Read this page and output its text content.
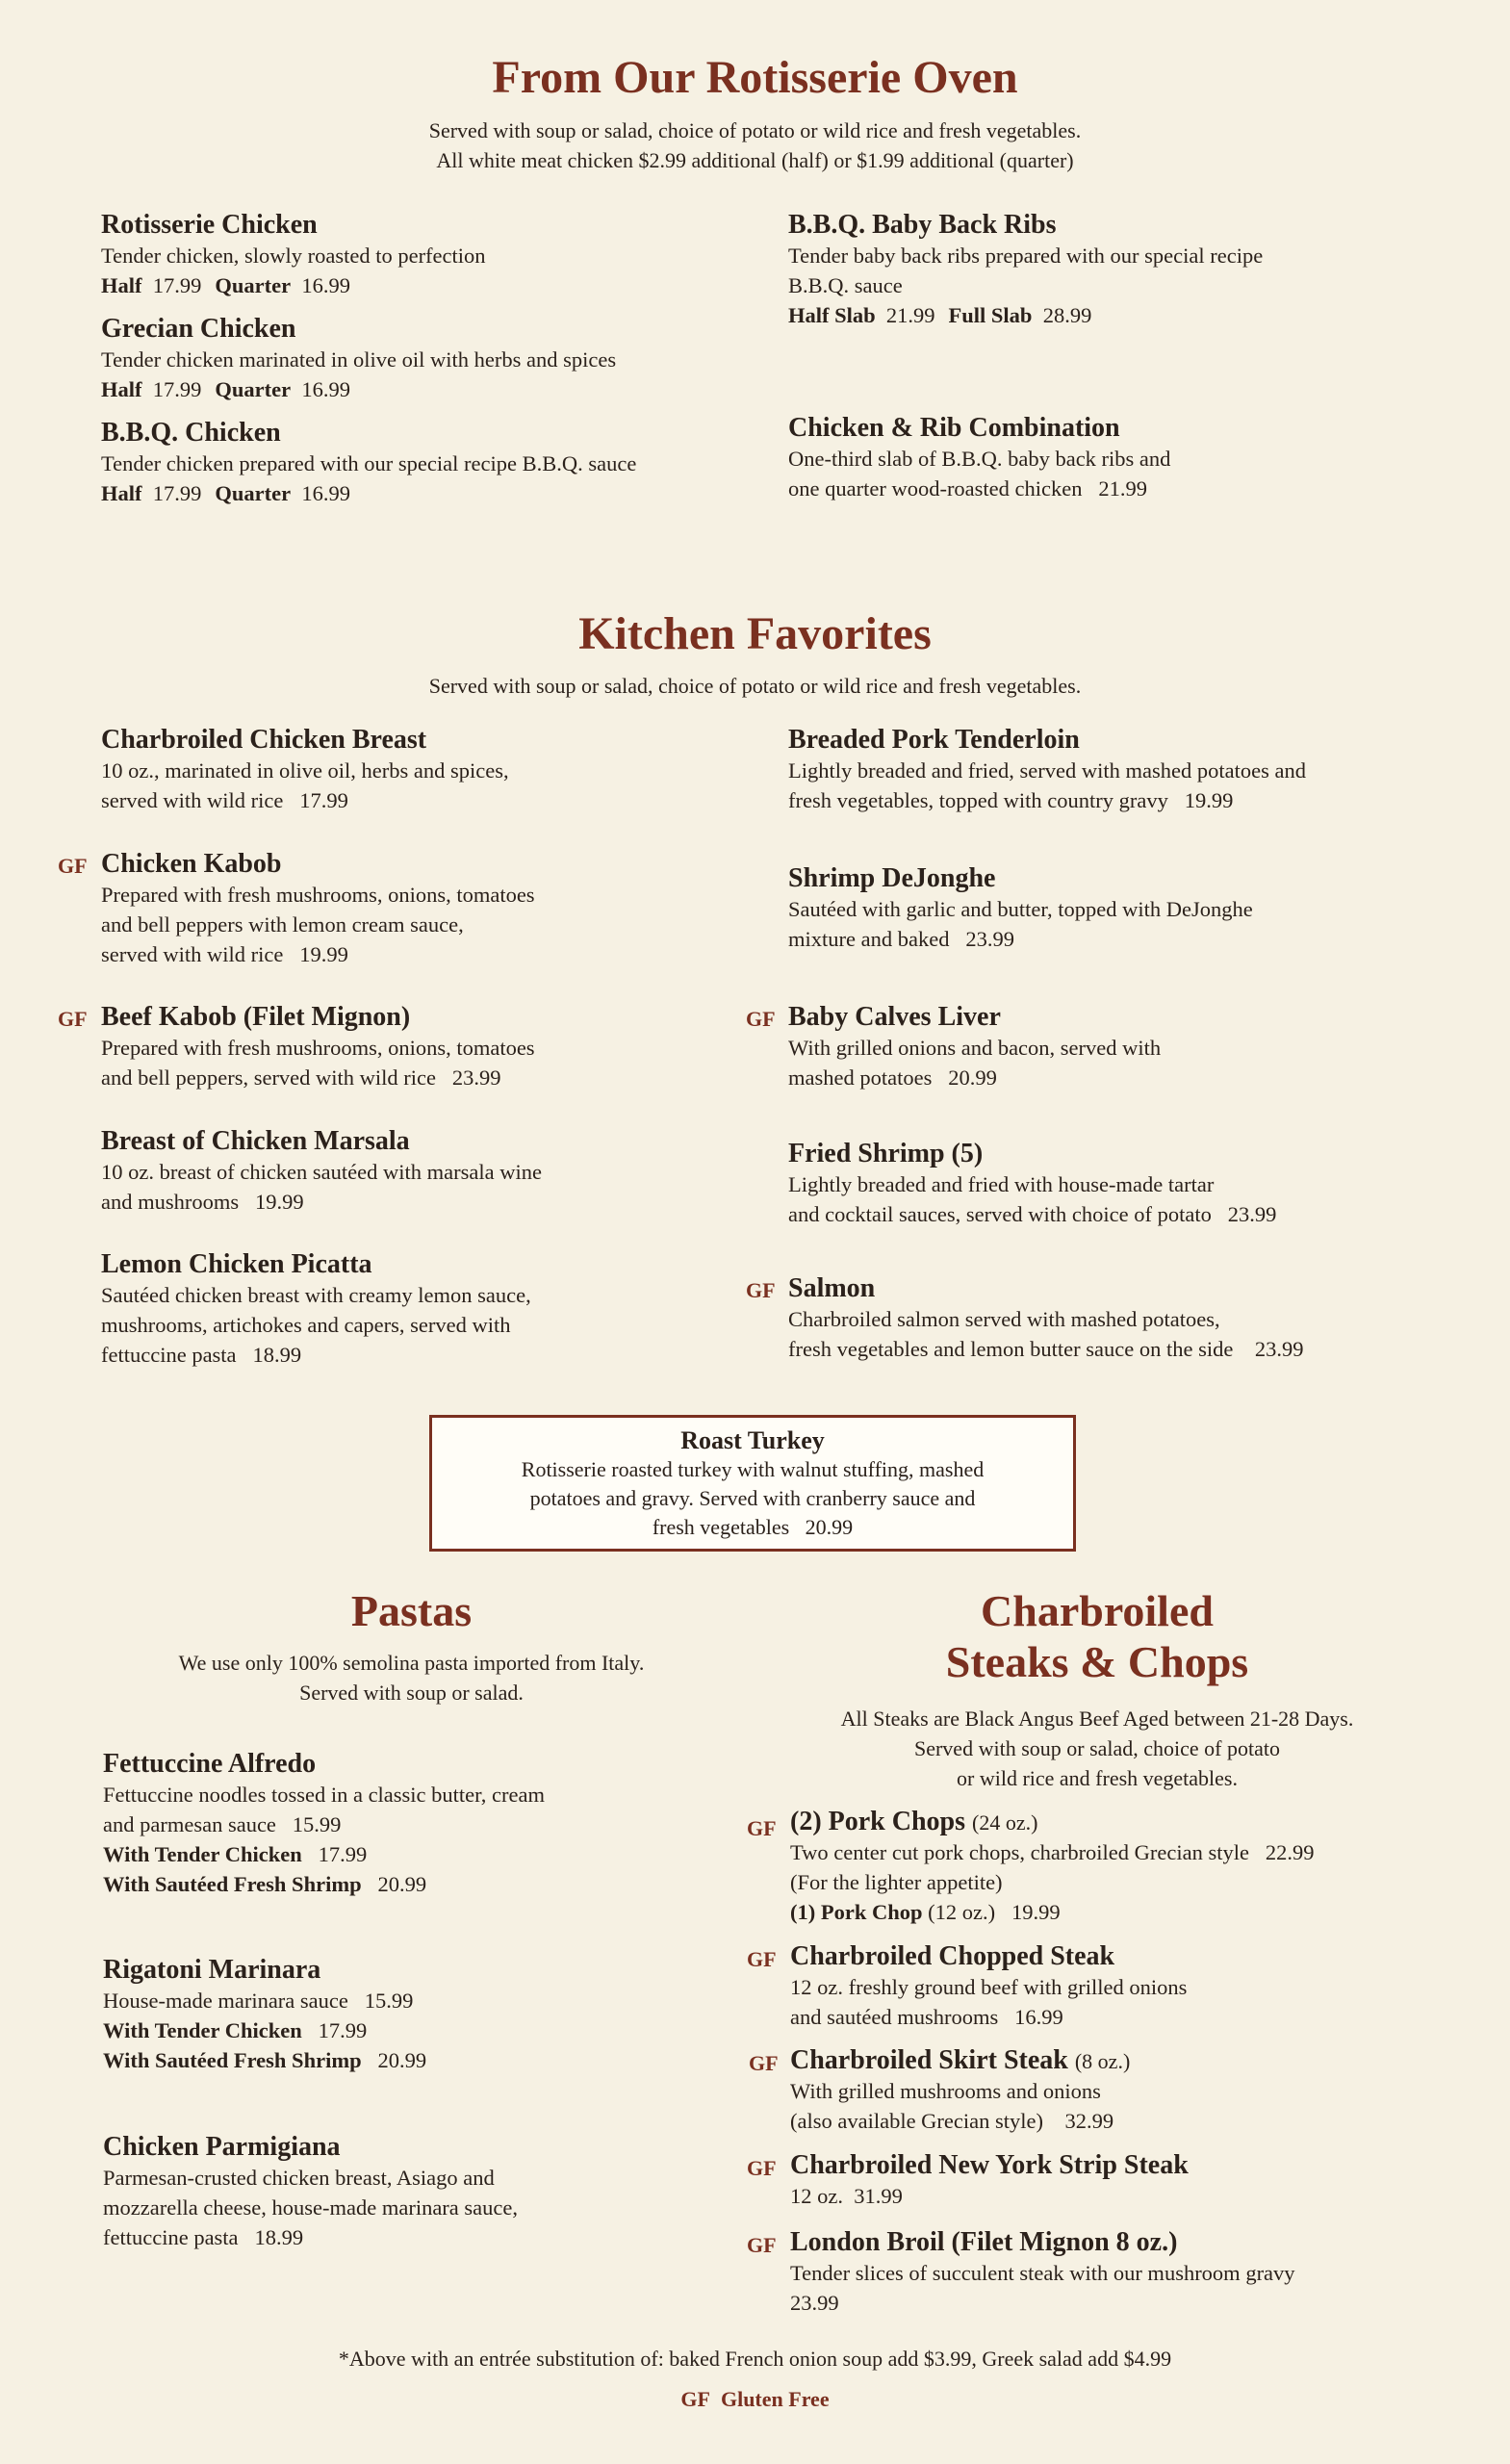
From Our Rotisserie Oven
Served with soup or salad, choice of potato or wild rice and fresh vegetables.
All white meat chicken $2.99 additional (half) or $1.99 additional (quarter)
Rotisserie Chicken
Tender chicken, slowly roasted to perfection
Half 17.99 Quarter 16.99
Grecian Chicken
Tender chicken marinated in olive oil with herbs and spices
Half 17.99 Quarter 16.99
B.B.Q. Chicken
Tender chicken prepared with our special recipe B.B.Q. sauce
Half 17.99 Quarter 16.99
B.B.Q. Baby Back Ribs
Tender baby back ribs prepared with our special recipe
B.B.Q. sauce
Half Slab 21.99 Full Slab 28.99
Chicken & Rib Combination
One-third slab of B.B.Q. baby back ribs and
one quarter wood-roasted chicken 21.99
Kitchen Favorites
Served with soup or salad, choice of potato or wild rice and fresh vegetables.
Charbroiled Chicken Breast
10 oz., marinated in olive oil, herbs and spices,
served with wild rice 17.99
GF Chicken Kabob
Prepared with fresh mushrooms, onions, tomatoes
and bell peppers with lemon cream sauce,
served with wild rice 19.99
GF Beef Kabob (Filet Mignon)
Prepared with fresh mushrooms, onions, tomatoes
and bell peppers, served with wild rice 23.99
Breast of Chicken Marsala
10 oz. breast of chicken sautéed with marsala wine
and mushrooms 19.99
Lemon Chicken Picatta
Sautéed chicken breast with creamy lemon sauce,
mushrooms, artichokes and capers, served with
fettuccine pasta 18.99
Breaded Pork Tenderloin
Lightly breaded and fried, served with mashed potatoes and
fresh vegetables, topped with country gravy 19.99
Shrimp DeJonghe
Sautéed with garlic and butter, topped with DeJonghe
mixture and baked 23.99
GF Baby Calves Liver
With grilled onions and bacon, served with
mashed potatoes 20.99
Fried Shrimp (5)
Lightly breaded and fried with house-made tartar
and cocktail sauces, served with choice of potato 23.99
GF Salmon
Charbroiled salmon served with mashed potatoes,
fresh vegetables and lemon butter sauce on the side 23.99
Roast Turkey
Rotisserie roasted turkey with walnut stuffing, mashed
potatoes and gravy. Served with cranberry sauce and
fresh vegetables 20.99
Pastas
We use only 100% semolina pasta imported from Italy.
Served with soup or salad.
Fettuccine Alfredo
Fettuccine noodles tossed in a classic butter, cream
and parmesan sauce 15.99
With Tender Chicken 17.99
With Sautéed Fresh Shrimp 20.99
Rigatoni Marinara
House-made marinara sauce 15.99
With Tender Chicken 17.99
With Sautéed Fresh Shrimp 20.99
Chicken Parmigiana
Parmesan-crusted chicken breast, Asiago and
mozzarella cheese, house-made marinara sauce,
fettuccine pasta 18.99
Charbroiled
Steaks & Chops
All Steaks are Black Angus Beef Aged between 21-28 Days.
Served with soup or salad, choice of potato
or wild rice and fresh vegetables.
GF (2) Pork Chops (24 oz.)
Two center cut pork chops, charbroiled Grecian style 22.99
(For the lighter appetite)
(1) Pork Chop (12 oz.) 19.99
GF Charbroiled Chopped Steak
12 oz. freshly ground beef with grilled onions
and sautéed mushrooms 16.99
GF Charbroiled Skirt Steak (8 oz.)
With grilled mushrooms and onions
(also available Grecian style) 32.99
GF Charbroiled New York Strip Steak
12 oz. 31.99
GF London Broil (Filet Mignon 8 oz.)
Tender slices of succulent steak with our mushroom gravy
23.99
*Above with an entrée substitution of: baked French onion soup add $3.99, Greek salad add $4.99
GF Gluten Free
